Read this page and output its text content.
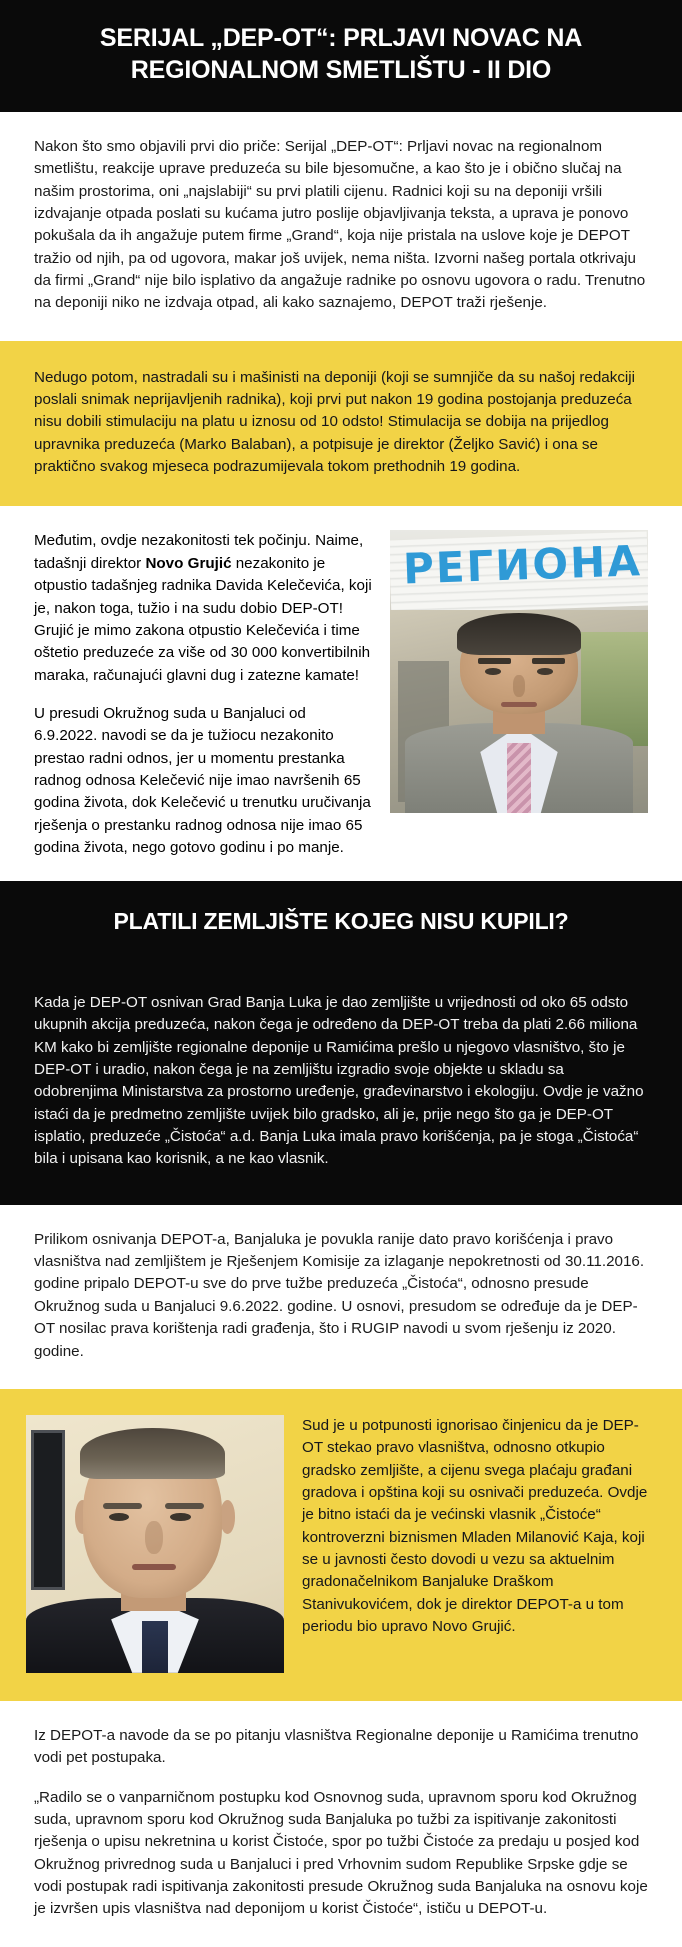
SERIJAL „DEP-OT“: PRLJAVI NOVAC NA REGIONALNOM SMETLIŠTU - II DIO

Nakon što smo objavili prvi dio priče: Serijal „DEP-OT“: Prljavi novac na regionalnom smetlištu, reakcije uprave preduzeća su bile bjesomučne, a kao što je i obično slučaj na našim prostorima, oni „najslabiji“ su prvi platili cijenu. Radnici koji su na deponiji vršili izdvajanje otpada poslati su kućama jutro poslije objavljivanja teksta, a uprava je ponovo pokušala da ih angažuje putem firme „Grand“, koja nije pristala na uslove koje je DEPOT tražio od njih, pa od ugovora, makar još uvijek, nema ništa. Izvorni našeg portala otkrivaju da firmi „Grand“ nije bilo isplativo da angažuje radnike po osnovu ugovora o radu. Trenutno na deponiji niko ne izdvaja otpad, ali kako saznajemo, DEPOT traži rješenje.

Nedugo potom, nastradali su i mašinisti na deponiji (koji se sumnjiče da su našoj redakciji poslali snimak neprijavljenih radnika), koji prvi put nakon 19 godina postojanja preduzeća nisu dobili stimulaciju na platu u iznosu od 10 odsto! Stimulacija se dobija na prijedlog upravnika preduzeća (Marko Balaban), a potpisuje je direktor (Željko Savić) i ona se praktično svakog mjeseca podrazumijevala tokom prethodnih 19 godina.

Međutim, ovdje nezakonitosti tek počinju. Naime, tadašnji direktor Novo Grujić nezakonito je otpustio tadašnjeg radnika Davida Kelečevića, koji je, nakon toga, tužio i na sudu dobio DEP-OT! Grujić je mimo zakona otpustio Kelečevića i time oštetio preduzeće za više od 30 000 konvertibilnih maraka, računajući glavni dug i zatezne kamate!

U presudi Okružnog suda u Banjaluci od 6.9.2022. navodi se da je tužiocu nezakonito prestao radni odnos, jer u momentu prestanka radnog odnosa Kelečević nije imao navršenih 65 godina života, dok Kelečević u trenutku uručivanja rješenja o prestanku radnog odnosa nije imao 65 godina života, nego gotovo godinu i po manje.

РЕГИОНА
PLATILI ZEMLJIŠTE KOJEG NISU KUPILI?

Kada je DEP-OT osnivan Grad Banja Luka je dao zemljište u vrijednosti od oko 65 odsto ukupnih akcija preduzeća, nakon čega je određeno da DEP-OT treba da plati 2.66 miliona KM kako bi zemljište regionalne deponije u Ramićima prešlo u njegovo vlasništvo, što je DEP-OT i uradio, nakon čega je na zemljištu izgradio svoje objekte u skladu sa odobrenjima Ministarstva za prostorno uređenje, građevinarstvo i ekologiju. Ovdje je važno istaći da je predmetno zemljište uvijek bilo gradsko, ali je, prije nego što ga je DEP-OT isplatio, preduzeće „Čistoća“ a.d. Banja Luka imala pravo korišćenja, pa je stoga „Čistoća“ bila i upisana kao korisnik, a ne kao vlasnik.

Prilikom osnivanja DEPOT-a, Banjaluka je povukla ranije dato pravo korišćenja i pravo vlasništva nad zemljištem je Rješenjem Komisije za izlaganje nepokretnosti od 30.11.2016. godine pripalo DEPOT-u sve do prve tužbe preduzeća „Čistoća“, odnosno presude Okružnog suda u Banjaluci 9.6.2022. godine. U osnovi, presudom se određuje da je DEP-OT nosilac prava korištenja radi građenja, što i RUGIP navodi u svom rješenju iz 2020. godine.

Sud je u potpunosti ignorisao činjenicu da je DEP-OT stekao pravo vlasništva, odnosno otkupio gradsko zemljište, a cijenu svega plaćaju građani gradova i opština koji su osnivači preduzeća. Ovdje je bitno istaći da je većinski vlasnik „Čistoće“ kontroverzni biznismen Mladen Milanović Kaja, koji se u javnosti često dovodi u vezu sa aktuelnim gradonačelnikom Banjaluke Draškom Stanivukovićem, dok je direktor DEPOT-a u tom periodu bio upravo Novo Grujić.

Iz DEPOT-a navode da se po pitanju vlasništva Regionalne deponije u Ramićima trenutno vodi pet postupaka.

„Radilo se o vanparničnom postupku kod Osnovnog suda, upravnom sporu kod Okružnog suda, upravnom sporu kod Okružnog suda Banjaluka po tužbi za ispitivanje zakonitosti rješenja o upisu nekretnina u korist Čistoće, spor po tužbi Čistoće za predaju u posjed kod Okružnog privrednog suda u Banjaluci i pred Vrhovnim sudom Republike Srpske gdje se vodi postupak radi ispitivanja zakonitosti presude Okružnog suda Banjaluka na osnovu koje je izvršen upis vlasništva nad deponijom u korist Čistoće“, ističu u DEPOT-u.
